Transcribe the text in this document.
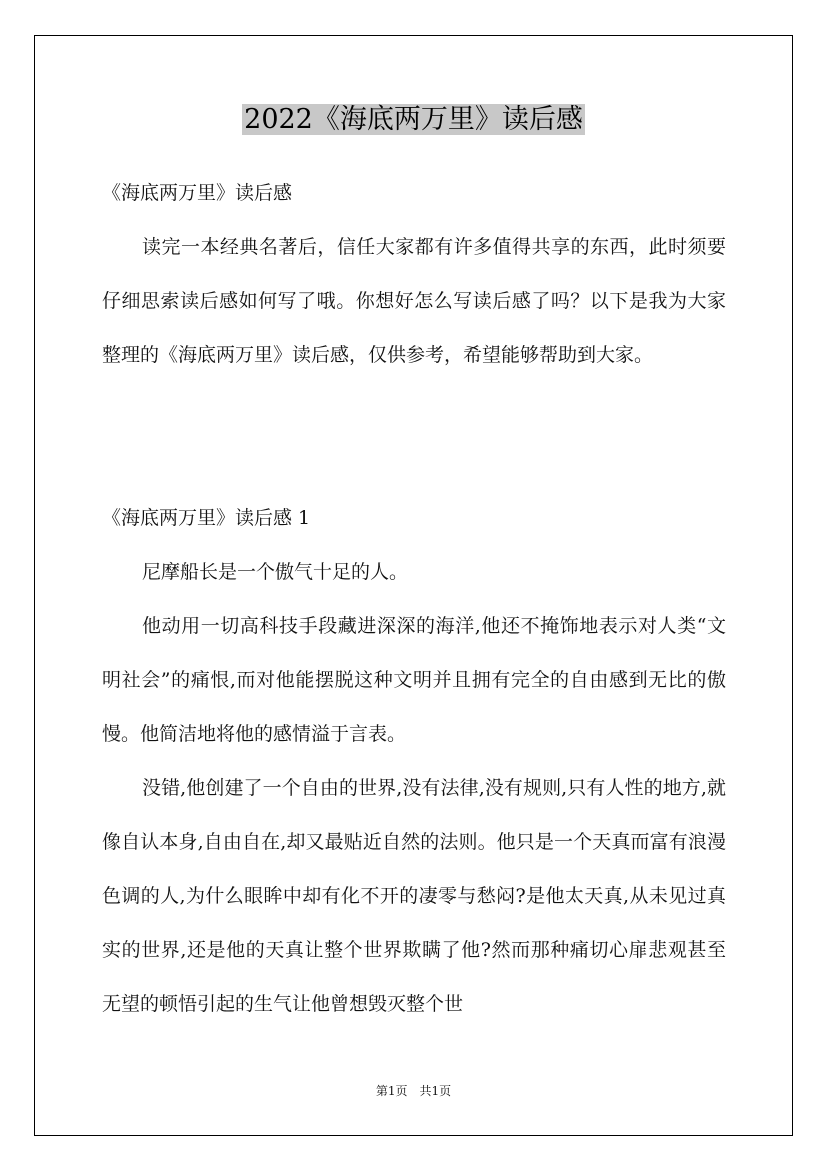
2022《海底两万里》读后感

《海底两万里》读后感

读完一本经典名著后，信任大家都有许多值得共享的东西，此时须要仔细思索读后感如何写了哦。你想好怎么写读后感了吗？以下是我为大家整理的《海底两万里》读后感，仅供参考，希望能够帮助到大家。

《海底两万里》读后感 1

尼摩船长是一个傲气十足的人。

他动用一切高科技手段藏进深深的海洋,他还不掩饰地表示对人类“文明社会”的痛恨,而对他能摆脱这种文明并且拥有完全的自由感到无比的傲慢。他简洁地将他的感情溢于言表。

没错,他创建了一个自由的世界,没有法律,没有规则,只有人性的地方,就像自认本身,自由自在,却又最贴近自然的法则。他只是一个天真而富有浪漫色调的人,为什么眼眸中却有化不开的凄零与愁闷?是他太天真,从未见过真实的世界,还是他的天真让整个世界欺瞒了他?然而那种痛切心扉悲观甚至无望的顿悟引起的生气让他曾想毁灭整个世

第1页　共1页
